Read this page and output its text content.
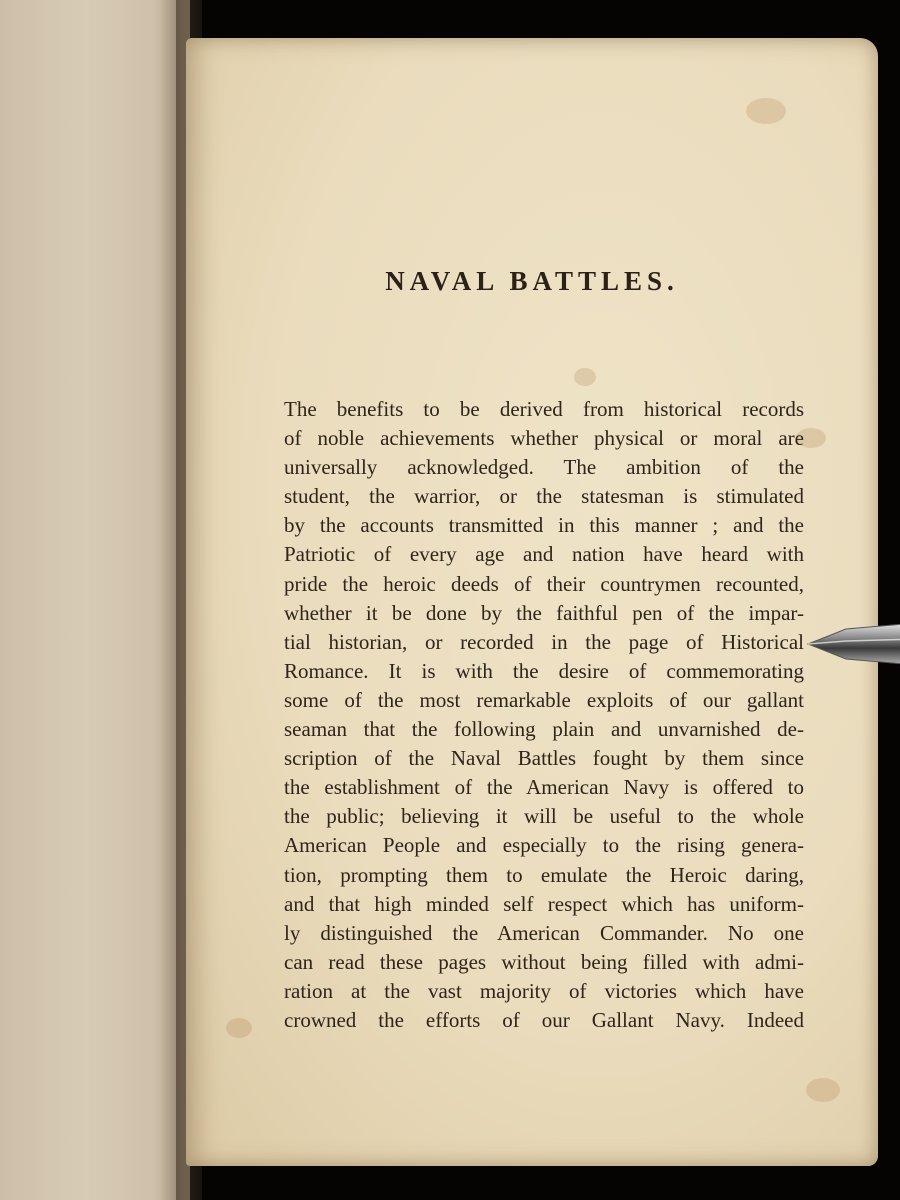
NAVAL BATTLES.
The benefits to be derived from historical records
of noble achievements whether physical or moral are
universally acknowledged. The ambition of the
student, the warrior, or the statesman is stimulated
by the accounts transmitted in this manner ; and the
Patriotic of every age and nation have heard with
pride the heroic deeds of their countrymen recounted,
whether it be done by the faithful pen of the impar-
tial historian, or recorded in the page of Historical
Romance. It is with the desire of commemorating
some of the most remarkable exploits of our gallant
seaman that the following plain and unvarnished de-
scription of the Naval Battles fought by them since
the establishment of the American Navy is offered to
the public; believing it will be useful to the whole
American People and especially to the rising genera-
tion, prompting them to emulate the Heroic daring,
and that high minded self respect which has uniform-
ly distinguished the American Commander. No one
can read these pages without being filled with admi-
ration at the vast majority of victories which have
crowned the efforts of our Gallant Navy. Indeed
